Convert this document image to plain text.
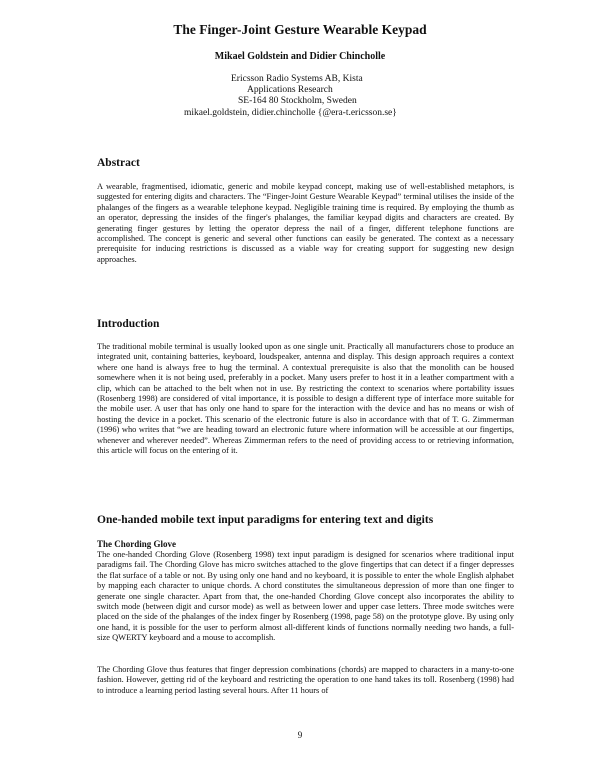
The Finger-Joint Gesture Wearable Keypad
Mikael Goldstein and Didier Chincholle
Ericsson Radio Systems AB, Kista
Applications Research
SE-164 80 Stockholm, Sweden
mikael.goldstein, didier.chincholle {@era-t.ericsson.se}
Abstract

A wearable, fragmentised, idiomatic, generic and mobile keypad concept, making use of well-established metaphors, is suggested for entering digits and characters. The “Finger-Joint Gesture Wearable Keypad” terminal utilises the inside of the phalanges of the fingers as a wearable telephone keypad. Negligible training time is required. By employing the thumb as an operator, depressing the insides of the finger's phalanges, the familiar keypad digits and characters are created. By generating finger gestures by letting the operator depress the nail of a finger, different telephone functions are accomplished. The concept is generic and several other functions can easily be generated. The context as a necessary prerequisite for inducing restrictions is discussed as a viable way for creating support for suggesting new design approaches.

Introduction

The traditional mobile terminal is usually looked upon as one single unit. Practically all manufacturers chose to produce an integrated unit, containing batteries, keyboard, loudspeaker, antenna and display. This design approach requires a context where one hand is always free to hug the terminal. A contextual prerequisite is also that the monolith can be housed somewhere when it is not being used, preferably in a pocket. Many users prefer to host it in a leather compartment with a clip, which can be attached to the belt when not in use. By restricting the context to scenarios where portability issues (Rosenberg 1998) are considered of vital importance, it is possible to design a different type of interface more suitable for the mobile user. A user that has only one hand to spare for the interaction with the device and has no means or wish of hosting the device in a pocket. This scenario of the electronic future is also in accordance with that of T. G. Zimmerman (1996) who writes that “we are heading toward an electronic future where information will be accessible at our fingertips, whenever and wherever needed”. Whereas Zimmerman refers to the need of providing access to or retrieving information, this article will focus on the entering of it.

One-handed mobile text input paradigms for entering text and digits
The Chording Glove

The one-handed Chording Glove (Rosenberg 1998) text input paradigm is designed for scenarios where traditional input paradigms fail. The Chording Glove has micro switches attached to the glove fingertips that can detect if a finger depresses the flat surface of a table or not. By using only one hand and no keyboard, it is possible to enter the whole English alphabet by mapping each character to unique chords. A chord constitutes the simultaneous depression of more than one finger to generate one single character. Apart from that, the one-handed Chording Glove concept also incorporates the ability to switch mode (between digit and cursor mode) as well as between lower and upper case letters. Three mode switches were placed on the side of the phalanges of the index finger by Rosenberg (1998, page 58) on the prototype glove. By using only one hand, it is possible for the user to perform almost all-different kinds of functions normally needing two hands, a full-size QWERTY keyboard and a mouse to accomplish.

The Chording Glove thus features that finger depression combinations (chords) are mapped to characters in a many-to-one fashion. However, getting rid of the keyboard and restricting the operation to one hand takes its toll. Rosenberg (1998) had to introduce a learning period lasting several hours. After 11 hours of

9
